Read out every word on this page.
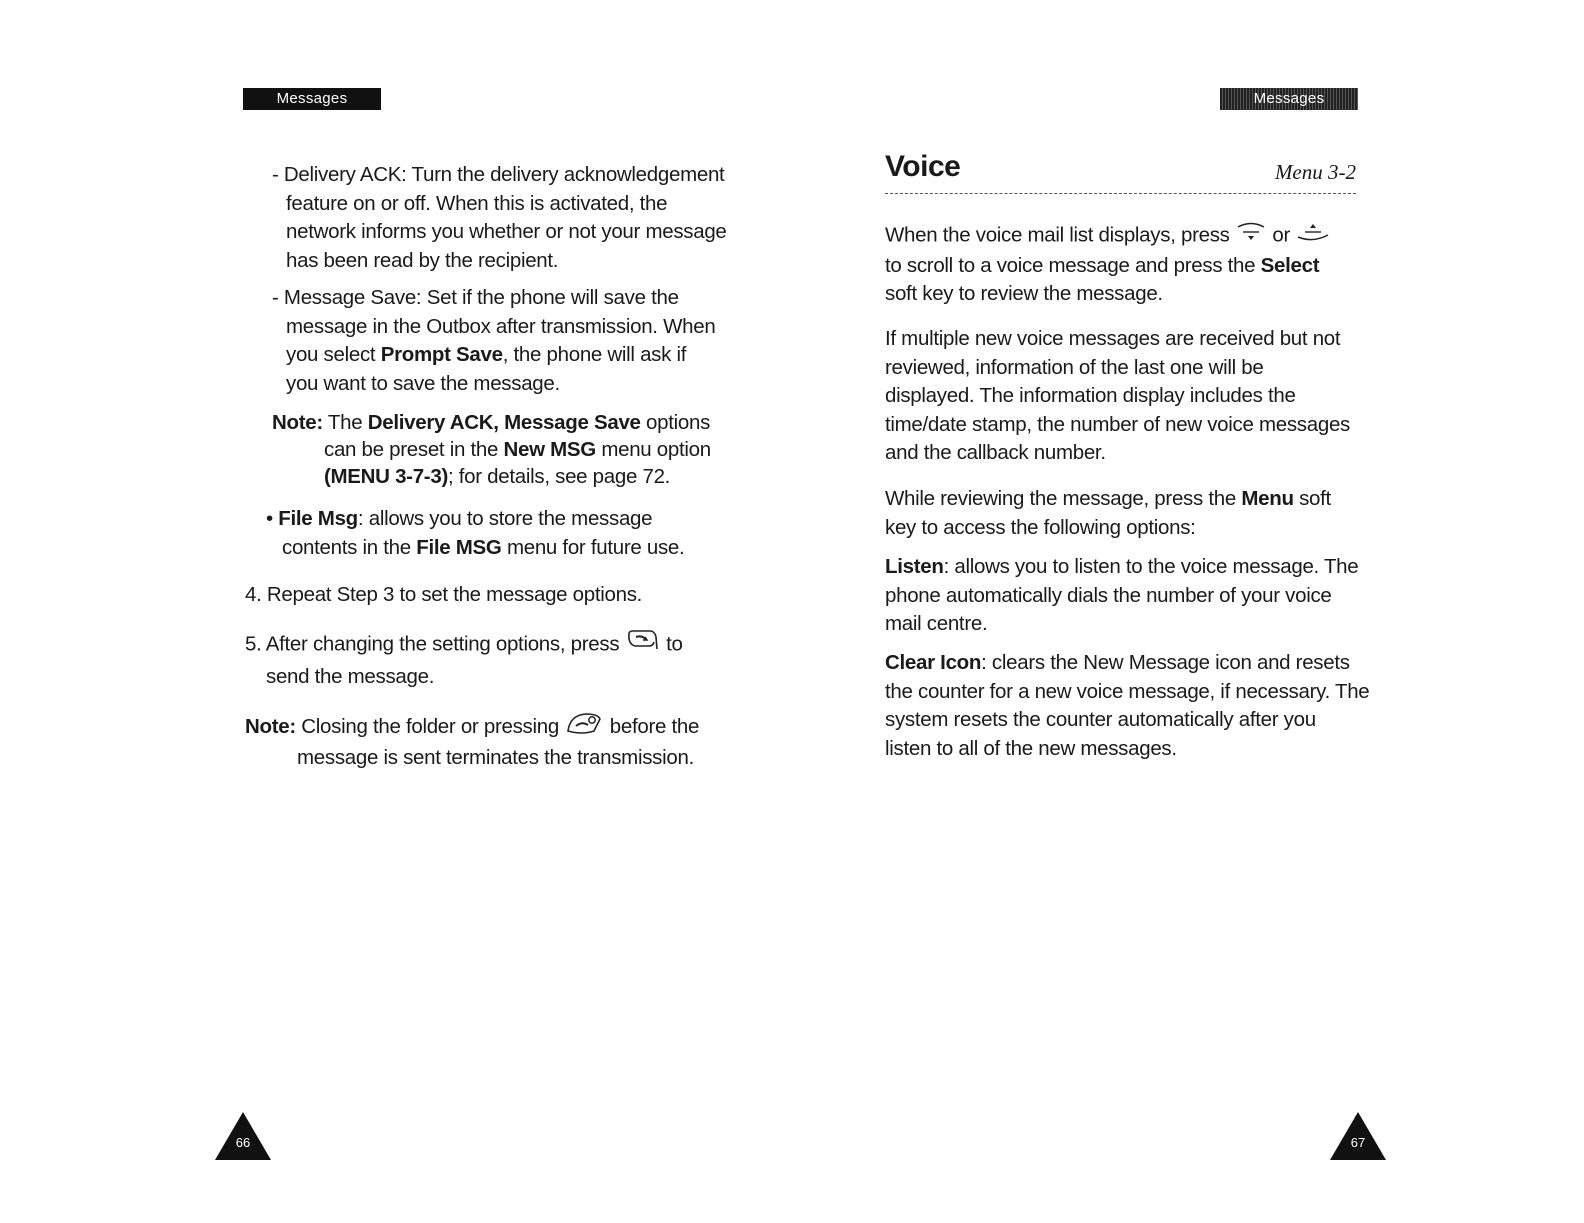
Messages	Messages
- Delivery ACK: Turn the delivery acknowledgement
feature on or off. When this is activated, the
network informs you whether or not your message
has been read by the recipient.
- Message Save: Set if the phone will save the
message in the Outbox after transmission. When
you select Prompt Save, the phone will ask if
you want to save the message.
Note: The Delivery ACK, Message Save options
can be preset in the New MSG menu option
(MENU 3-7-3); for details, see page 72.
• File Msg: allows you to store the message
contents in the File MSG menu for future use.
4. Repeat Step 3 to set the message options.
5. After changing the setting options, press to
send the message.
Note: Closing the folder or pressing before the
message is sent terminates the transmission.
66
Voice	Menu 3-2
When the voice mail list displays, press or
to scroll to a voice message and press the Select
soft key to review the message.
If multiple new voice messages are received but not
reviewed, information of the last one will be
displayed. The information display includes the
time/date stamp, the number of new voice messages
and the callback number.
While reviewing the message, press the Menu soft
key to access the following options:
Listen: allows you to listen to the voice message. The
phone automatically dials the number of your voice
mail centre.
Clear Icon: clears the New Message icon and resets
the counter for a new voice message, if necessary. The
system resets the counter automatically after you
listen to all of the new messages.
67
